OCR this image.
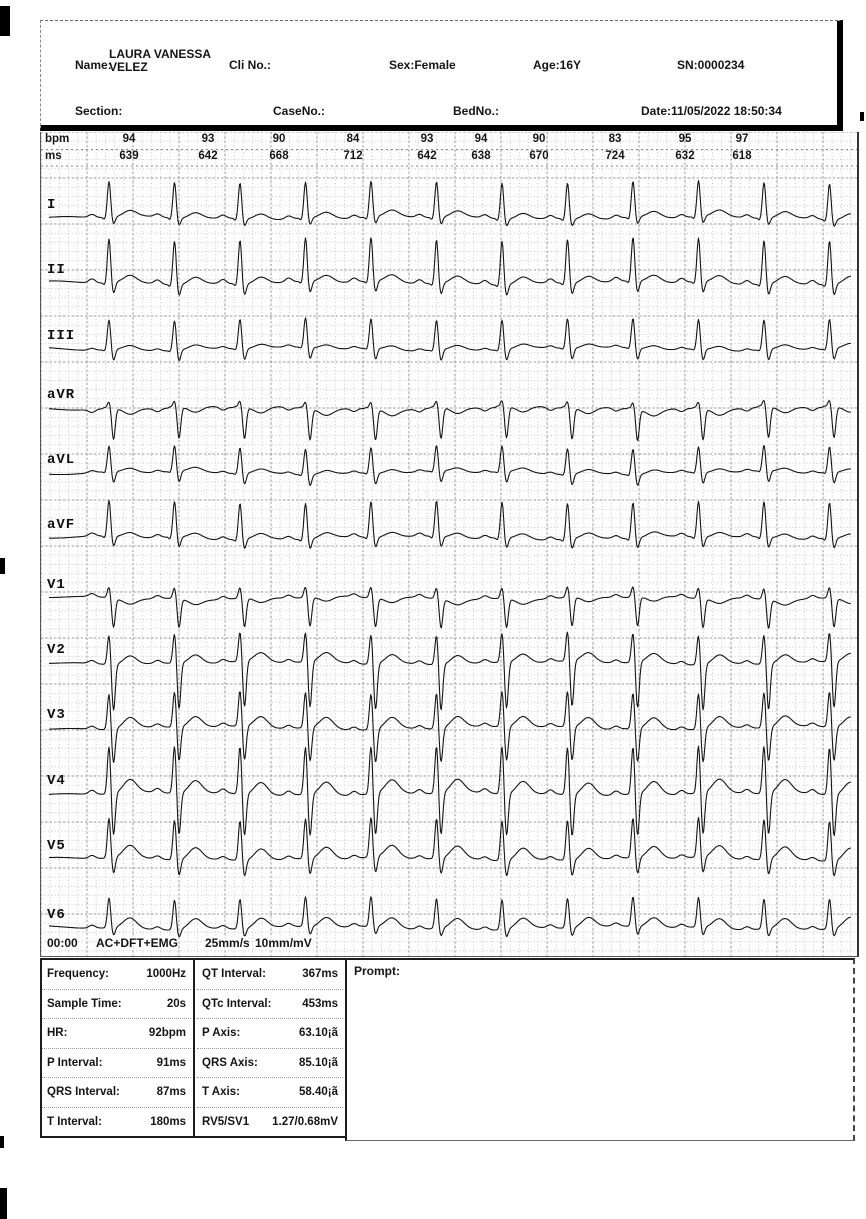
Name:
LAURA VANESSA VELEZ	Cli No.:	Sex:Female	Age:16Y	SN:0000234
Section:	CaseNo.:	BedNo.:	Date:11/05/2022 18:50:34
bpm
ms
94	93	90	84	93	94	90	83	95	97
639	642	668	712	642	638	670	724	632	618
I
II
III
aVR
aVL
aVF
V1
V2
V3
V4
V5
V6
00:00 AC+DFT+EMG 25mm/s 10mm/mV
Frequency:	1000Hz
Sample Time:	20s
HR:	92bpm
P Interval:	91ms
QRS Interval:	87ms
T Interval:	180ms
QT Interval:	367ms
QTc Interval:	453ms
P Axis:	63.10¡ã
QRS Axis:	85.10¡ã
T Axis:	58.40¡ã
RV5/SV1 1.27/0.68mV
Prompt:
